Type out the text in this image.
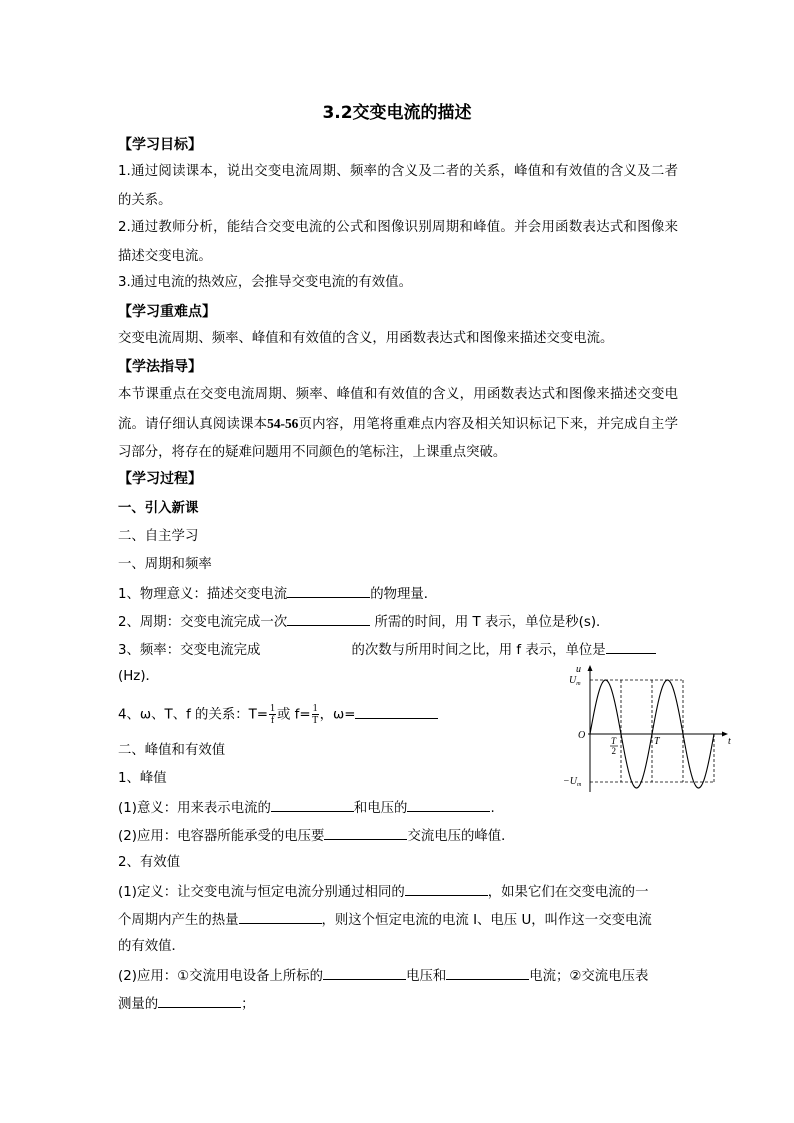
3.2交变电流的描述
【学习目标】
1.通过阅读课本，说出交变电流周期、频率的含义及二者的关系，峰值和有效值的含义及二者的关系。
2.通过教师分析，能结合交变电流的公式和图像识别周期和峰值。并会用函数表达式和图像来描述交变电流。
3.通过电流的热效应，会推导交变电流的有效值。
【学习重难点】
交变电流周期、频率、峰值和有效值的含义，用函数表达式和图像来描述交变电流。
【学法指导】
本节课重点在交变电流周期、频率、峰值和有效值的含义，用函数表达式和图像来描述交变电流。请仔细认真阅读课本54-56页内容，用笔将重难点内容及相关知识标记下来，并完成自主学习部分，将存在的疑难问题用不同颜色的笔标注，上课重点突破。
【学习过程】
一、引入新课
二、自主学习
一、周期和频率
1、物理意义：描述交变电流	的物理量．
2、周期：交变电流完成一次	所需的时间，用 T 表示，单位是秒(s)．
3、频率：交变电流完成	的次数与所用时间之比，用 f 表示，单位是
(Hz)．
4、ω、T、f 的关系：$T= \frac{1}{f}$ 或 $f= \frac{1}{T}$ ，ω=
二、峰值和有效值
1、峰值
(1)意义：用来表示电流的	和电压的	.
(2)应用：电容器所能承受的电压要	交流电压的峰值．
2、有效值
(1)定义：让交变电流与恒定电流分别通过相同的	，如果它们在交变电流的一
个周期内产生的热量	，则这个恒定电流的电流 I、电压 U，叫作这一交变电流
的有效值．
(2)应用：①交流用电设备上所标的	电压和	电流；②交流电压表
测量的	；
u
t
O
$U_m$
$-U_m$
T
2
T
